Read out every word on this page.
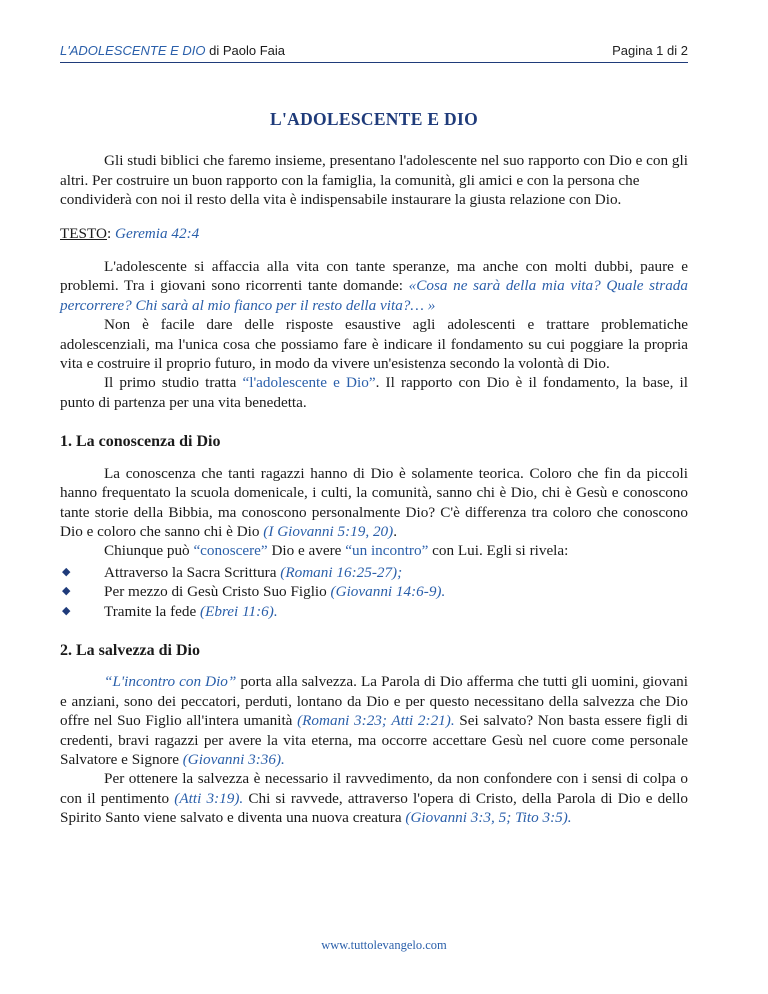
L'ADOLESCENTE E DIO di Paolo Faia	Pagina 1 di 2
L'ADOLESCENTE E DIO

Gli studi biblici che faremo insieme, presentano l'adolescente nel suo rapporto con Dio e con gli altri. Per costruire un buon rapporto con la famiglia, la comunità, gli amici e con la persona che condividerà con noi il resto della vita è indispensabile instaurare la giusta relazione con Dio.

TESTO: Geremia 42:4

L'adolescente si affaccia alla vita con tante speranze, ma anche con molti dubbi, paure e problemi. Tra i giovani sono ricorrenti tante domande: «Cosa ne sarà della mia vita? Quale strada percorrere? Chi sarà al mio fianco per il resto della vita?… »

Non è facile dare delle risposte esaustive agli adolescenti e trattare problematiche adolescenziali, ma l'unica cosa che possiamo fare è indicare il fondamento su cui poggiare la propria vita e costruire il proprio futuro, in modo da vivere un'esistenza secondo la volontà di Dio.

Il primo studio tratta “l'adolescente e Dio”. Il rapporto con Dio è il fondamento, la base, il punto di partenza per una vita benedetta.

1. La conoscenza di Dio

La conoscenza che tanti ragazzi hanno di Dio è solamente teorica. Coloro che fin da piccoli hanno frequentato la scuola domenicale, i culti, la comunità, sanno chi è Dio, chi è Gesù e conoscono tante storie della Bibbia, ma conoscono personalmente Dio? C'è differenza tra coloro che conoscono Dio e coloro che sanno chi è Dio (I Giovanni 5:19, 20).

Chiunque può “conoscere” Dio e avere “un incontro” con Lui. Egli si rivela:

◆ Attraverso la Sacra Scrittura (Romani 16:25-27);
◆ Per mezzo di Gesù Cristo Suo Figlio (Giovanni 14:6-9).
◆ Tramite la fede (Ebrei 11:6).
2. La salvezza di Dio

“L'incontro con Dio” porta alla salvezza. La Parola di Dio afferma che tutti gli uomini, giovani e anziani, sono dei peccatori, perduti, lontano da Dio e per questo necessitano della salvezza che Dio offre nel Suo Figlio all'intera umanità (Romani 3:23; Atti 2:21). Sei salvato? Non basta essere figli di credenti, bravi ragazzi per avere la vita eterna, ma occorre accettare Gesù nel cuore come personale Salvatore e Signore (Giovanni 3:36).

Per ottenere la salvezza è necessario il ravvedimento, da non confondere con i sensi di colpa o con il pentimento (Atti 3:19). Chi si ravvede, attraverso l'opera di Cristo, della Parola di Dio e dello Spirito Santo viene salvato e diventa una nuova creatura (Giovanni 3:3, 5; Tito 3:5).

www.tuttolevangelo.com
